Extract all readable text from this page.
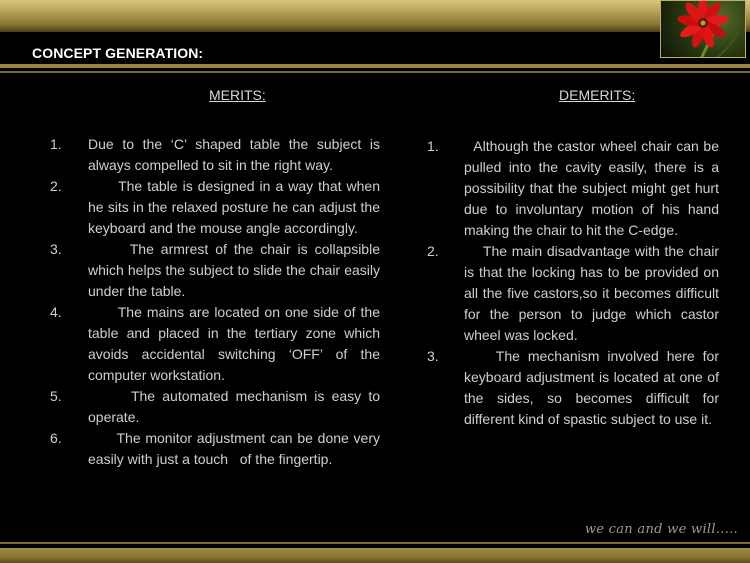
CONCEPT GENERATION:
MERITS:	DEMERITS:
1. Due to the ‘C’ shaped table the subject is always compelled to sit in the right way.
2. The table is designed in a way that when he sits in the relaxed posture he can adjust the keyboard and the mouse angle accordingly.
3. The armrest of the chair is collapsible which helps the subject to slide the chair easily under the table.
4. The mains are located on one side of the table and placed in the tertiary zone which avoids accidental switching ‘OFF’ of the computer workstation.
5. The automated mechanism is easy to operate.
6. The monitor adjustment can be done very easily with just a touch   of the fingertip.
1. Although the castor wheel chair can be pulled into the cavity easily, there is a possibility that the subject might get hurt due to involuntary motion of his hand making the chair to hit the C-edge.
2. The main disadvantage with the chair is that the locking has to be provided on all the five castors,so it becomes difficult for the person to judge which castor wheel was locked.
3. The mechanism involved here for keyboard adjustment is located at one of the sides, so becomes difficult for different kind of spastic subject to use it.
we can and we will.....
